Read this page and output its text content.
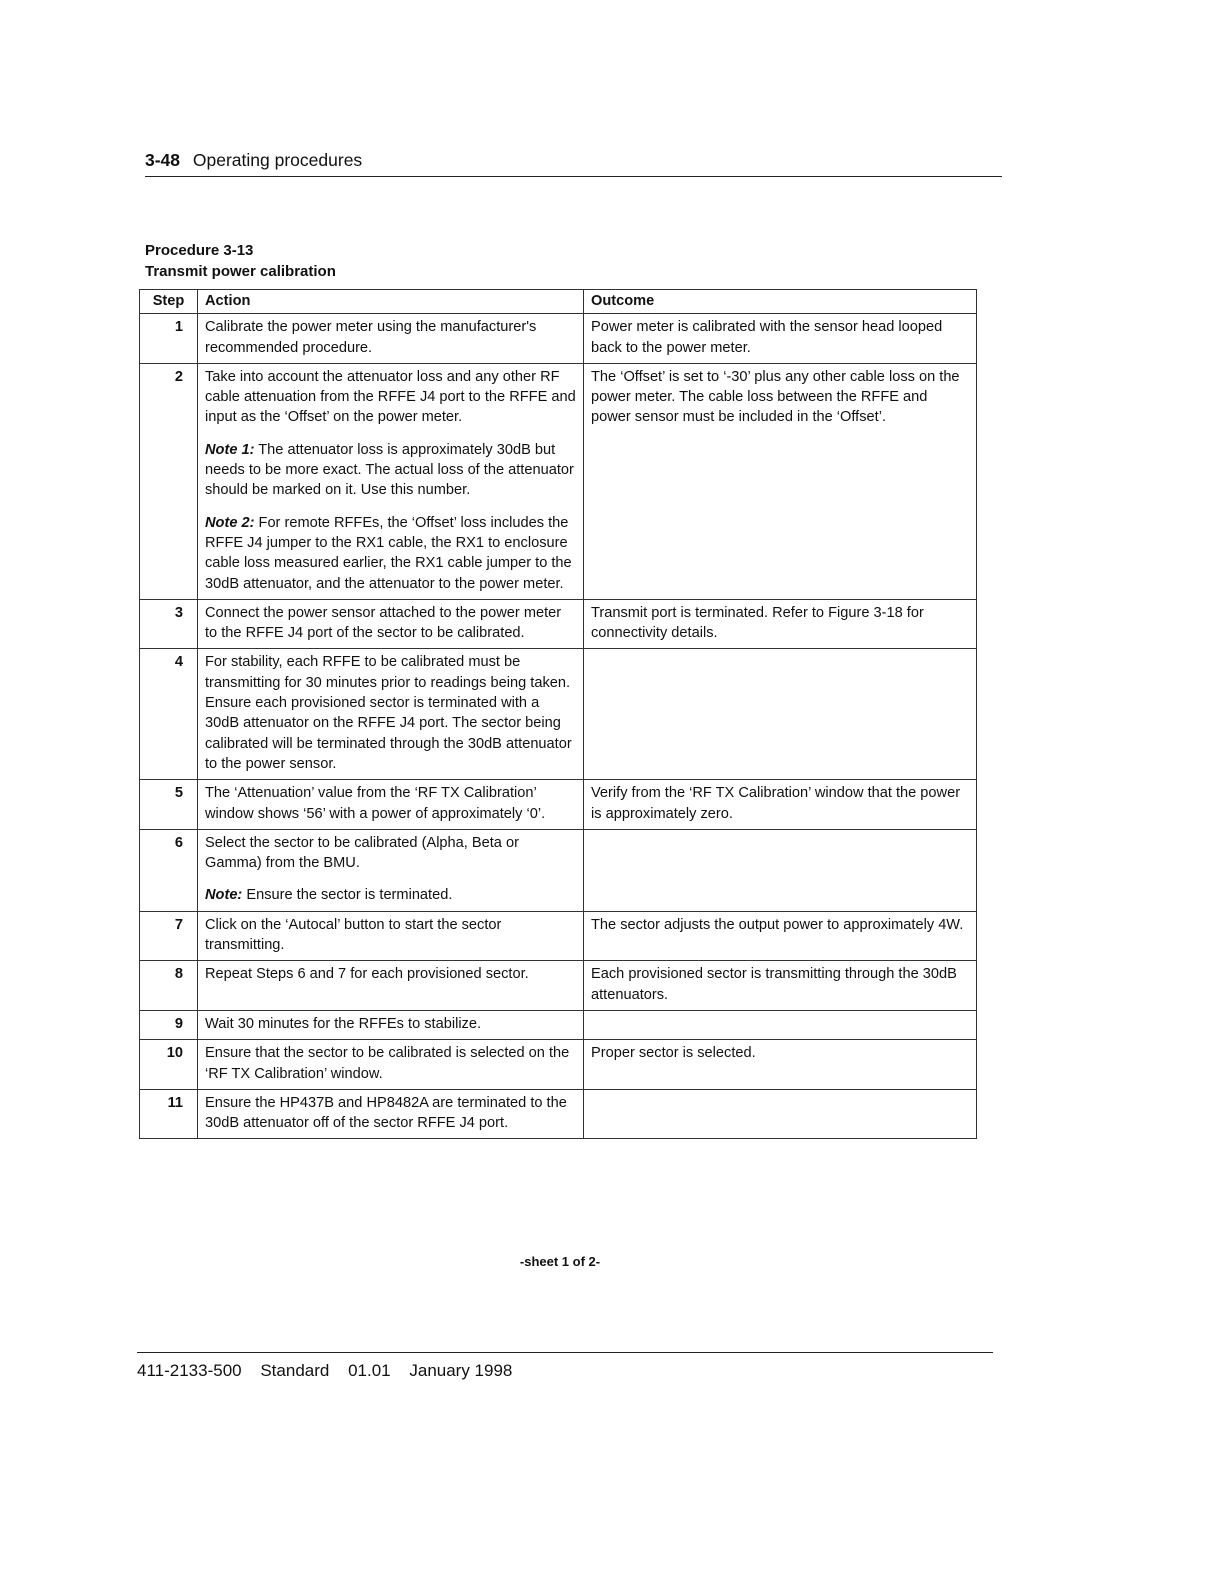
3-48 Operating procedures
Procedure 3-13
Transmit power calibration
Step	Action	Outcome
1	Calibrate the power meter using the manufacturer's recommended procedure.	Power meter is calibrated with the sensor head looped back to the power meter.
2	Take into account the attenuator loss and any other RF cable attenuation from the RFFE J4 port to the RFFE and input as the ‘Offset’ on the power meter.
Note 1: The attenuator loss is approximately 30dB but needs to be more exact. The actual loss of the attenuator should be marked on it. Use this number.
Note 2: For remote RFFEs, the ‘Offset’ loss includes the RFFE J4 jumper to the RX1 cable, the RX1 to enclosure cable loss measured earlier, the RX1 cable jumper to the 30dB attenuator, and the attenuator to the power meter.	The ‘Offset’ is set to ‘-30’ plus any other cable loss on the power meter. The cable loss between the RFFE and power sensor must be included in the ‘Offset’.
3	Connect the power sensor attached to the power meter to the RFFE J4 port of the sector to be calibrated.	Transmit port is terminated. Refer to Figure 3-18 for connectivity details.
4	For stability, each RFFE to be calibrated must be transmitting for 30 minutes prior to readings being taken. Ensure each provisioned sector is terminated with a 30dB attenuator on the RFFE J4 port. The sector being calibrated will be terminated through the 30dB attenuator to the power sensor.	

5	The ‘Attenuation’ value from the ‘RF TX Calibration’ window shows ‘56’ with a power of approximately ‘0’.	Verify from the ‘RF TX Calibration’ window that the power is approximately zero.
6	Select the sector to be calibrated (Alpha, Beta or Gamma) from the BMU.
Note: Ensure the sector is terminated.	

7	Click on the ‘Autocal’ button to start the sector transmitting.	The sector adjusts the output power to approximately 4W.
8	Repeat Steps 6 and 7 for each provisioned sector.	Each provisioned sector is transmitting through the 30dB attenuators.
9	Wait 30 minutes for the RFFEs to stabilize.	

10	Ensure that the sector to be calibrated is selected on the ‘RF TX Calibration’ window.	Proper sector is selected.
11	Ensure the HP437B and HP8482A are terminated to the 30dB attenuator off of the sector RFFE J4 port.	

-sheet 1 of 2-
411-2133-500 Standard 01.01 January 1998
